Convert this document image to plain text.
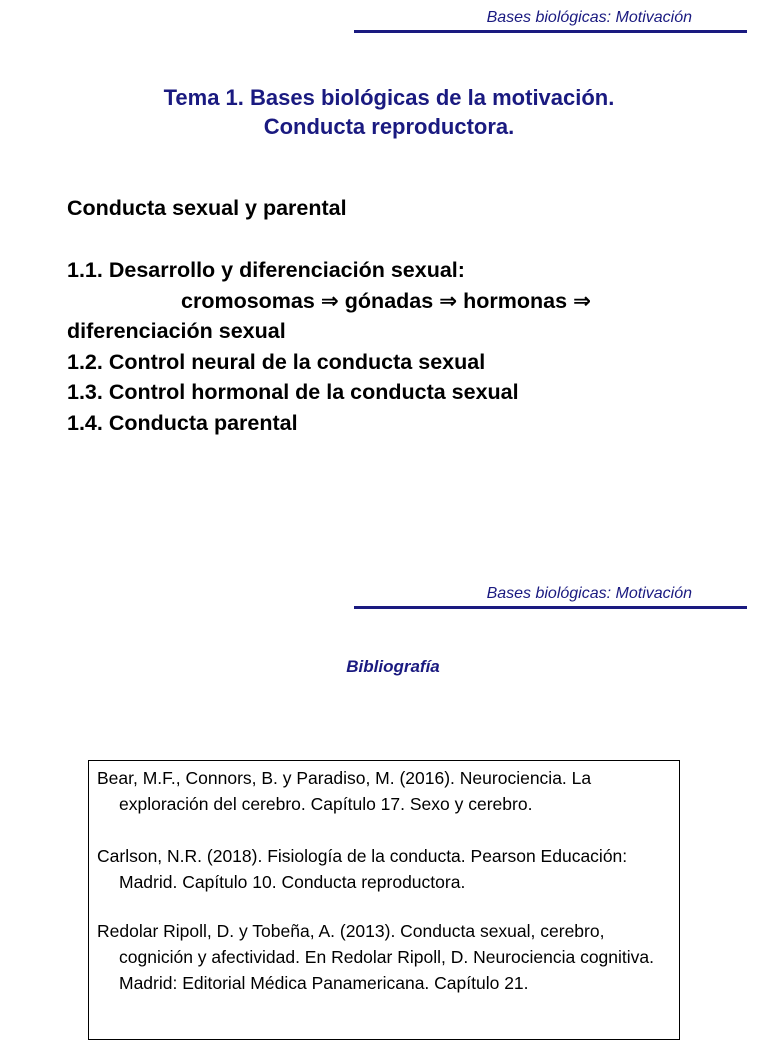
Bases biológicas: Motivación
Tema 1. Bases biológicas de la motivación.
Conducta reproductora.
Conducta sexual y parental
1.1. Desarrollo y diferenciación sexual:
cromosomas ⇒ gónadas ⇒ hormonas ⇒
diferenciación sexual
1.2. Control neural de la conducta sexual
1.3. Control hormonal de la conducta sexual
1.4. Conducta parental
Bases biológicas: Motivación
Bibliografía
Bear, M.F., Connors, B. y Paradiso, M. (2016). Neurociencia. La exploración del cerebro. Capítulo 17. Sexo y cerebro.
Carlson, N.R. (2018). Fisiología de la conducta. Pearson Educación: Madrid. Capítulo 10. Conducta reproductora.
Redolar Ripoll, D. y Tobeña, A. (2013). Conducta sexual, cerebro, cognición y afectividad. En Redolar Ripoll, D. Neurociencia cognitiva. Madrid: Editorial Médica Panamericana. Capítulo 21.
